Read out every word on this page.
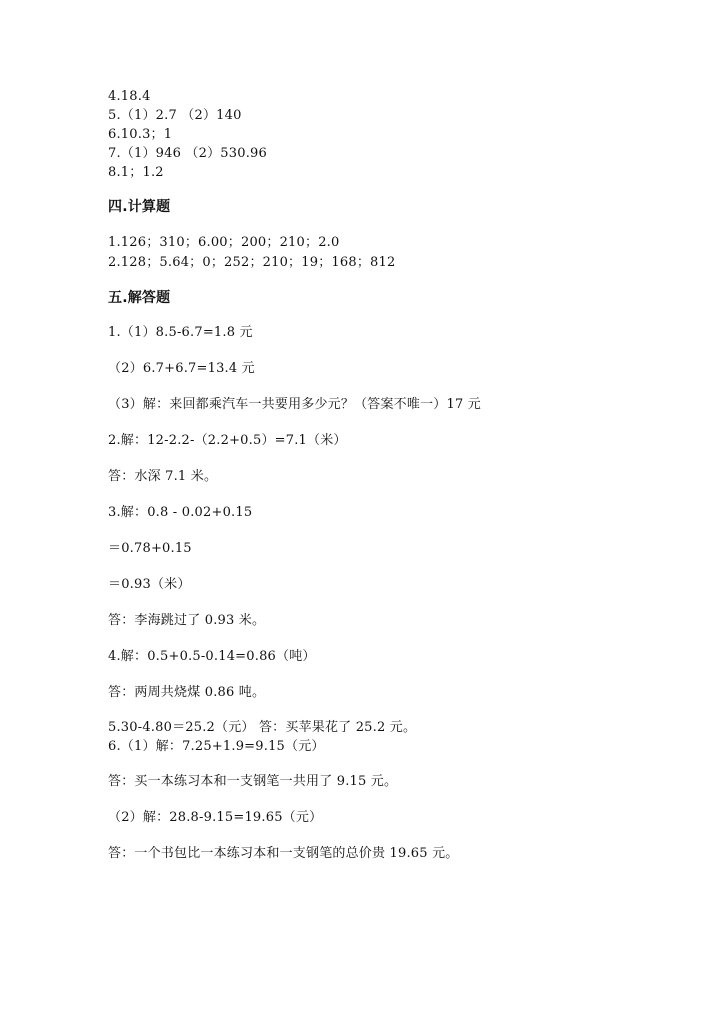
4.18.4
5.（1）2.7 （2）140
6.10.3；1
7.（1）946 （2）530.96
8.1；1.2
四.计算题
1.126；310；6.00；200；210；2.0
2.128；5.64；0；252；210；19；168；812
五.解答题
1.（1）8.5-6.7=1.8 元
（2）6.7+6.7=13.4 元
（3）解：来回都乘汽车一共要用多少元？（答案不唯一）17 元
2.解：12-2.2-（2.2+0.5）=7.1（米）
答：水深 7.1 米。
3.解：0.8 - 0.02+0.15
＝0.78+0.15
＝0.93（米）
答：李海跳过了 0.93 米。
4.解：0.5+0.5-0.14=0.86（吨）
答：两周共烧煤 0.86 吨。
5.30-4.80＝25.2（元） 答：买苹果花了 25.2 元。
6.（1）解：7.25+1.9=9.15（元）
答：买一本练习本和一支钢笔一共用了 9.15 元。
（2）解：28.8-9.15=19.65（元）
答：一个书包比一本练习本和一支钢笔的总价贵 19.65 元。
